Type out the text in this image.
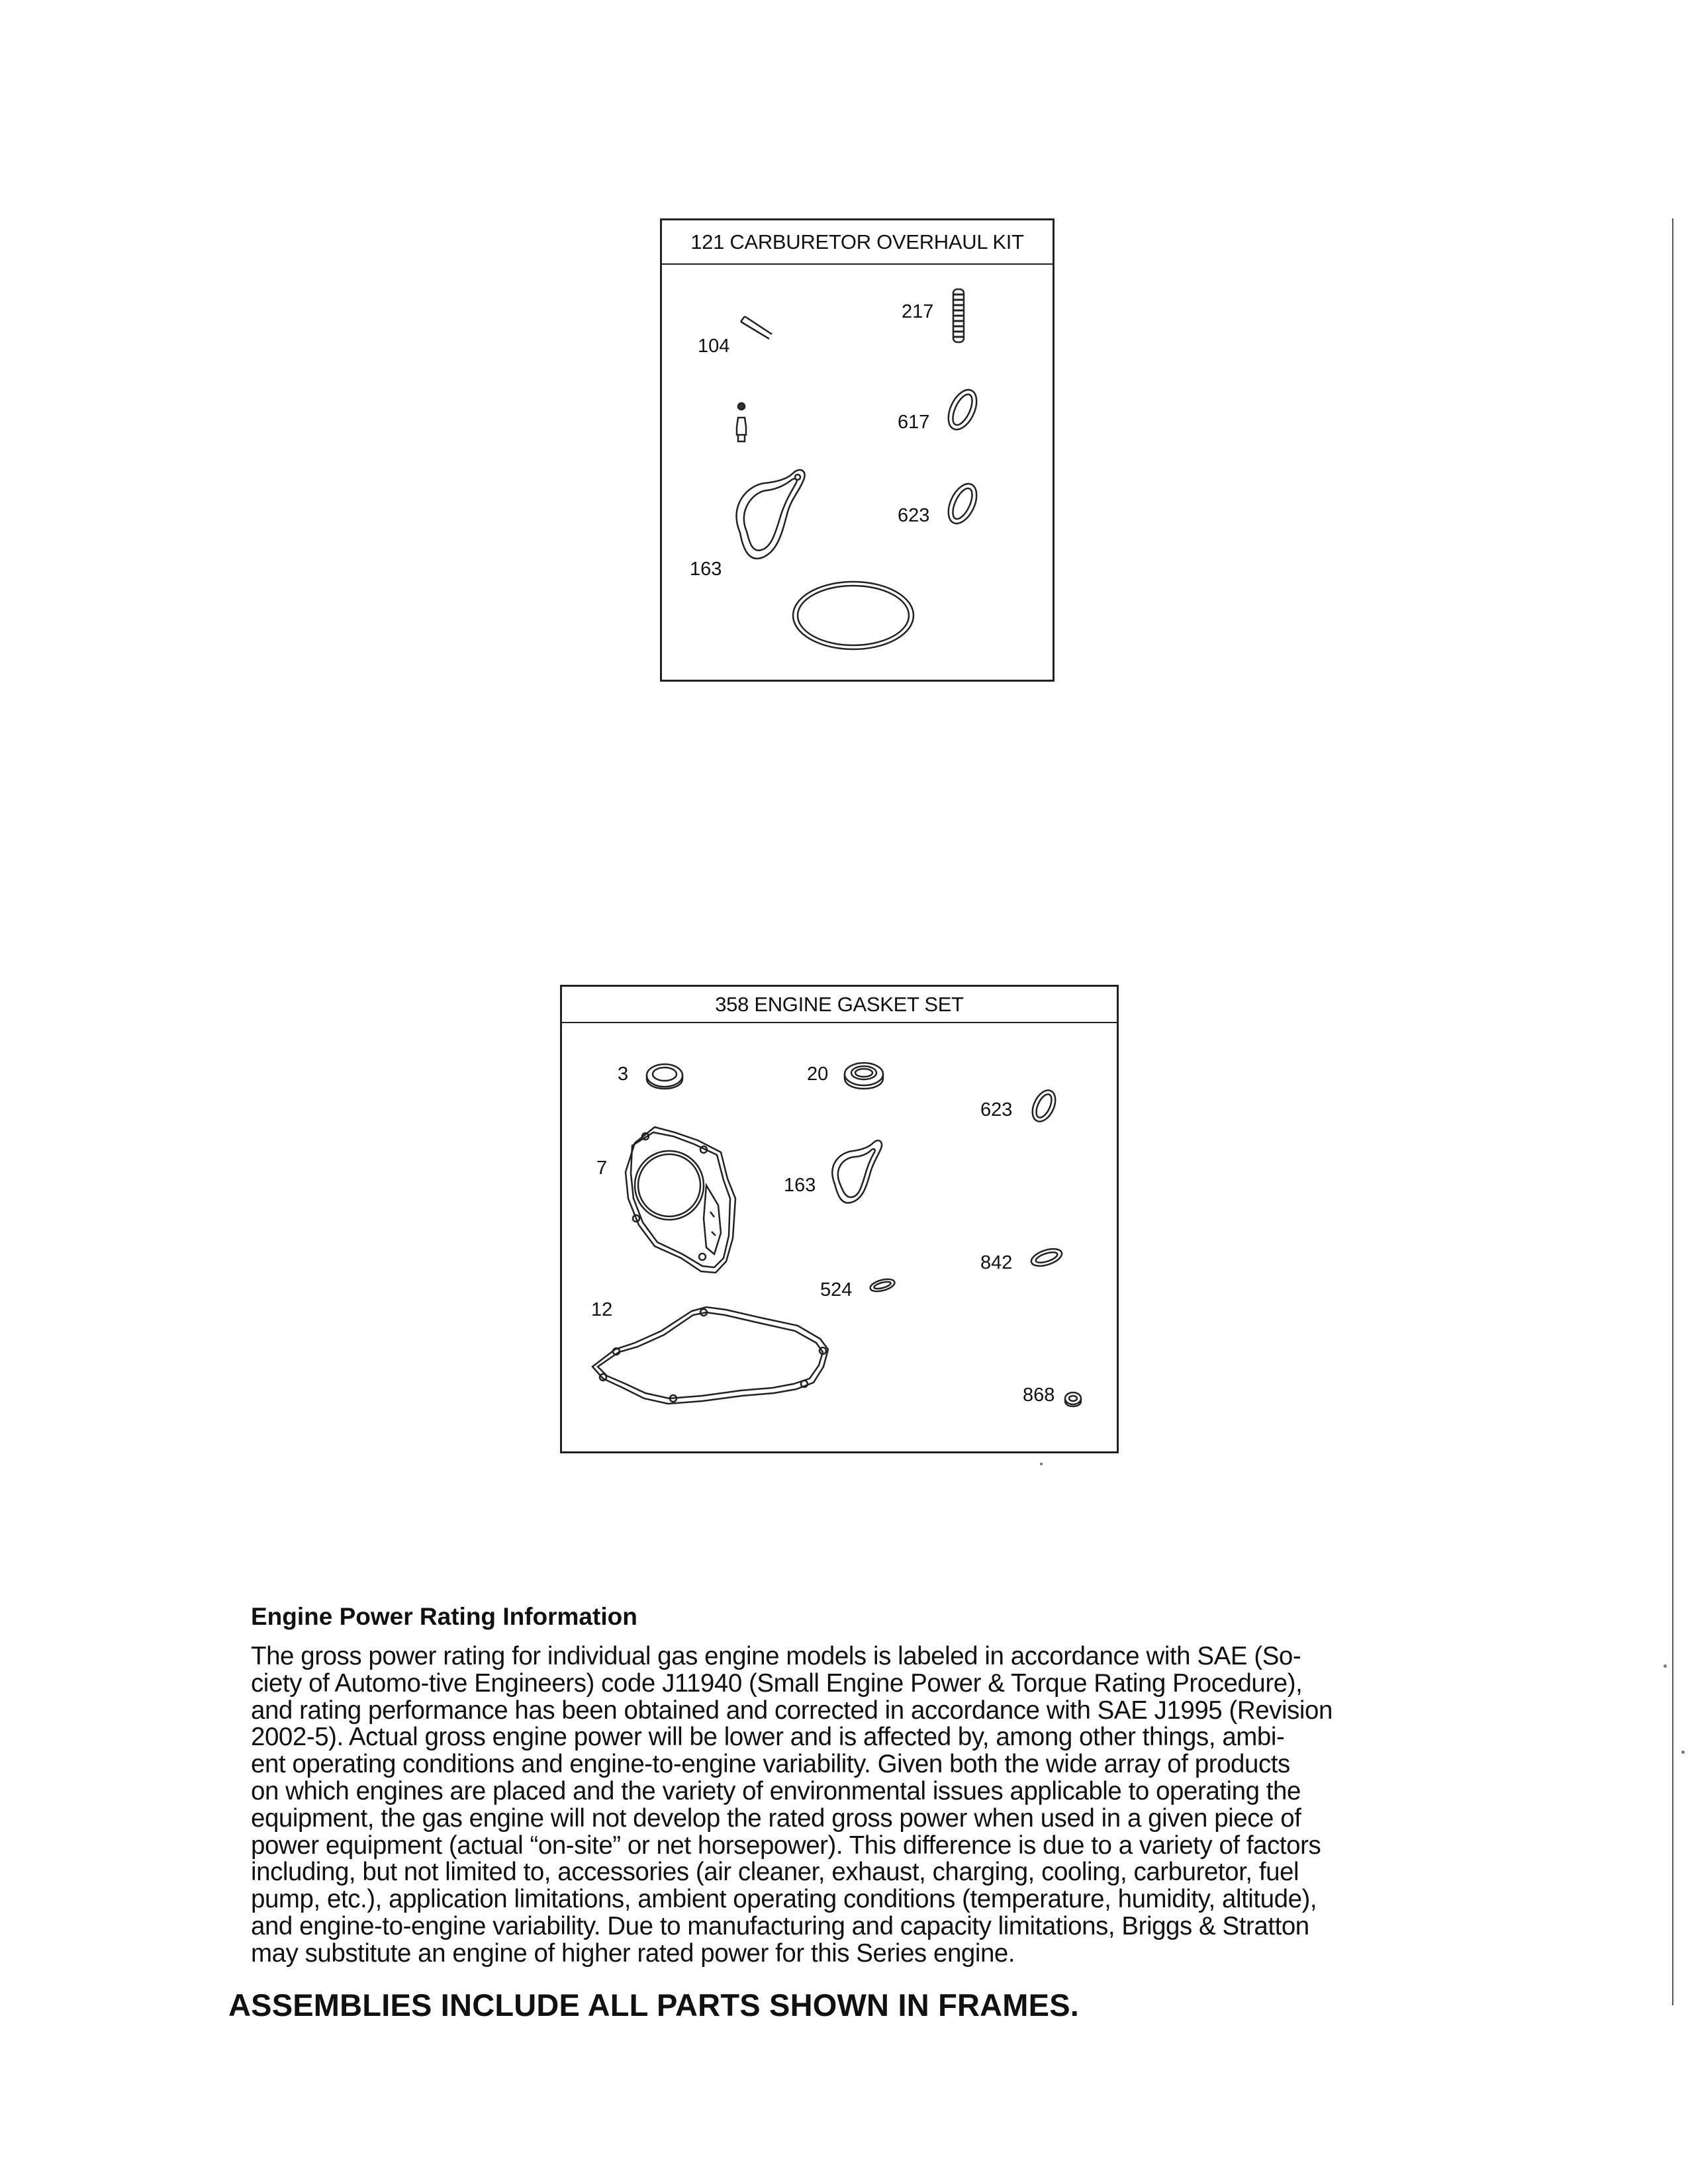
121 CARBURETOR OVERHAUL KIT
104
217
617
623
163
358 ENGINE GASKET SET
3	20
623
7
163
842
524
12
868
Engine Power Rating Information
The gross power rating for individual gas engine models is labeled in accordance with SAE (So-
ciety of Automo-tive Engineers) code J11940 (Small Engine Power & Torque Rating Procedure),
and rating performance has been obtained and corrected in accordance with SAE J1995 (Revision
2002-5). Actual gross engine power will be lower and is affected by, among other things, ambi-
ent operating conditions and engine-to-engine variability. Given both the wide array of products
on which engines are placed and the variety of environmental issues applicable to operating the
equipment, the gas engine will not develop the rated gross power when used in a given piece of
power equipment (actual “on-site” or net horsepower). This difference is due to a variety of factors
including, but not limited to, accessories (air cleaner, exhaust, charging, cooling, carburetor, fuel
pump, etc.), application limitations, ambient operating conditions (temperature, humidity, altitude),
and engine-to-engine variability. Due to manufacturing and capacity limitations, Briggs & Stratton
may substitute an engine of higher rated power for this Series engine.
ASSEMBLIES INCLUDE ALL PARTS SHOWN IN FRAMES.
